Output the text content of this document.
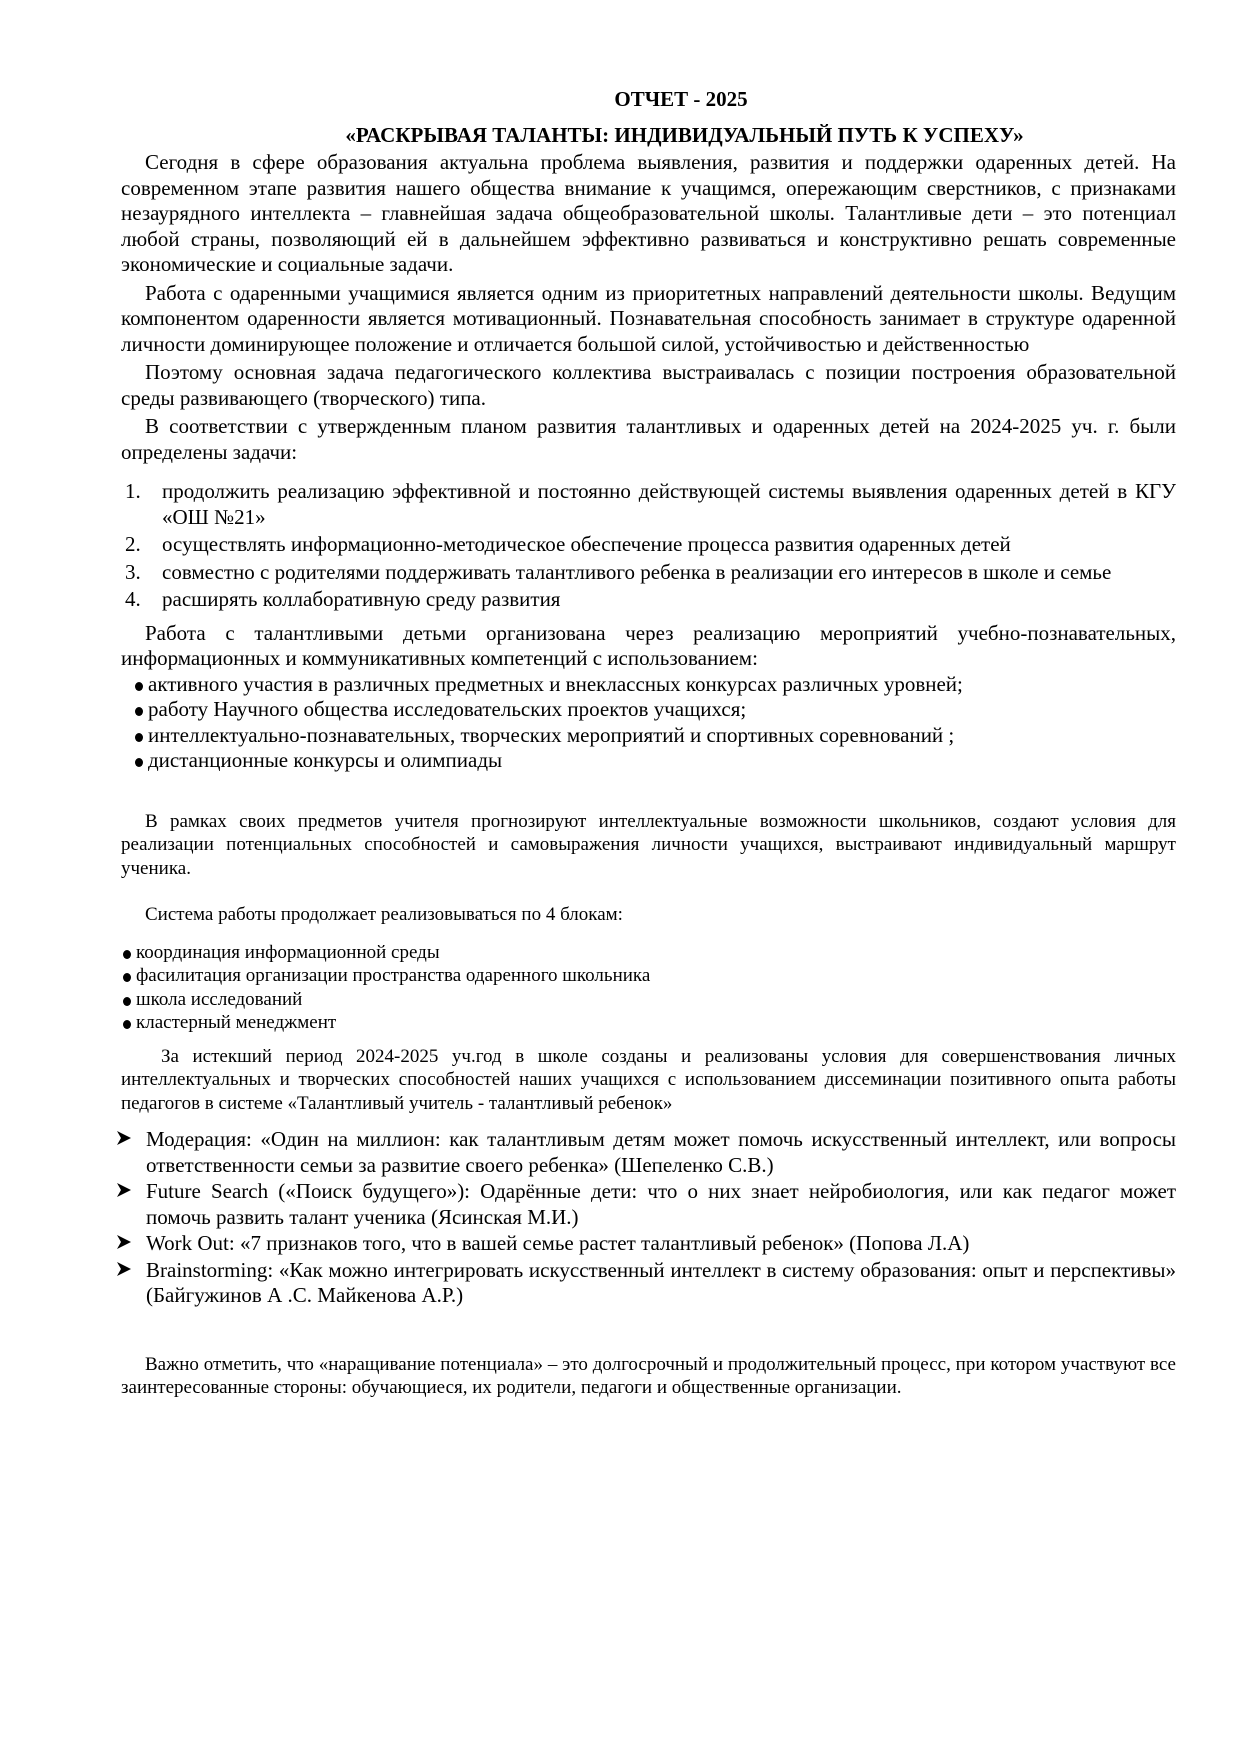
ОТЧЕТ - 2025
«РАСКРЫВАЯ ТАЛАНТЫ: ИНДИВИДУАЛЬНЫЙ ПУТЬ К УСПЕХУ»

Сегодня в сфере образования актуальна проблема выявления, развития и поддержки одаренных детей. На современном этапе развития нашего общества внимание к учащимся, опережающим сверстников, с признаками незаурядного интеллекта – главнейшая задача общеобразовательной школы. Талантливые дети – это потенциал любой страны, позволяющий ей в дальнейшем эффективно развиваться и конструктивно решать современные экономические и социальные задачи.

Работа с одаренными учащимися является одним из приоритетных направлений деятельности школы. Ведущим компонентом одаренности является мотивационный. Познавательная способность занимает в структуре одаренной личности доминирующее положение и отличается большой силой, устойчивостью и действенностью

Поэтому основная задача педагогического коллектива выстраивалась с позиции построения образовательной среды развивающего (творческого) типа.

В соответствии с утвержденным планом развития талантливых и одаренных детей на 2024-2025 уч. г. были определены задачи:

1. продолжить реализацию эффективной и постоянно действующей системы выявления одаренных детей в КГУ «ОШ №21»
2. осуществлять информационно-методическое обеспечение процесса развития одаренных детей
3. совместно с родителями поддерживать талантливого ребенка в реализации его интересов в школе и семье
4. расширять коллаборативную среду развития

Работа с талантливыми детьми организована через реализацию мероприятий учебно-познавательных, информационных и коммуникативных компетенций с использованием:

активного участия в различных предметных и внеклассных конкурсах различных уровней;
работу Научного общества исследовательских проектов учащихся;
интеллектуально-познавательных, творческих мероприятий и спортивных соревнований ;
дистанционные конкурсы и олимпиады

В рамках своих предметов учителя прогнозируют интеллектуальные возможности школьников, создают условия для реализации потенциальных способностей и самовыражения личности учащихся, выстраивают индивидуальный маршрут ученика.

Система работы продолжает реализовываться по 4 блокам:

координация информационной среды
фасилитация организации пространства одаренного школьника
школа исследований
кластерный менеджмент

За истекший период 2024-2025 уч.год в школе созданы и реализованы условия для совершенствования личных интеллектуальных и творческих способностей наших учащихся с использованием диссеминации позитивного опыта работы педагогов в системе «Талантливый учитель - талантливый ребенок»

Модерация: «Один на миллион: как талантливым детям может помочь искусственный интеллект, или вопросы ответственности семьи за развитие своего ребенка» (Шепеленко С.В.)
Future Search («Поиск будущего»): Одарённые дети: что о них знает нейробиология, или как педагог может помочь развить талант ученика (Ясинская М.И.)
Work Out: «7 признаков того, что в вашей семье растет талантливый ребенок» (Попова Л.А)
Brainstorming: «Как можно интегрировать искусственный интеллект в систему образования: опыт и перспективы» (Байгужинов А .С. Майкенова А.Р.)

Важно отметить, что «наращивание потенциала» – это долгосрочный и продолжительный процесс, при котором участвуют все заинтересованные стороны: обучающиеся, их родители, педагоги и общественные организации.
